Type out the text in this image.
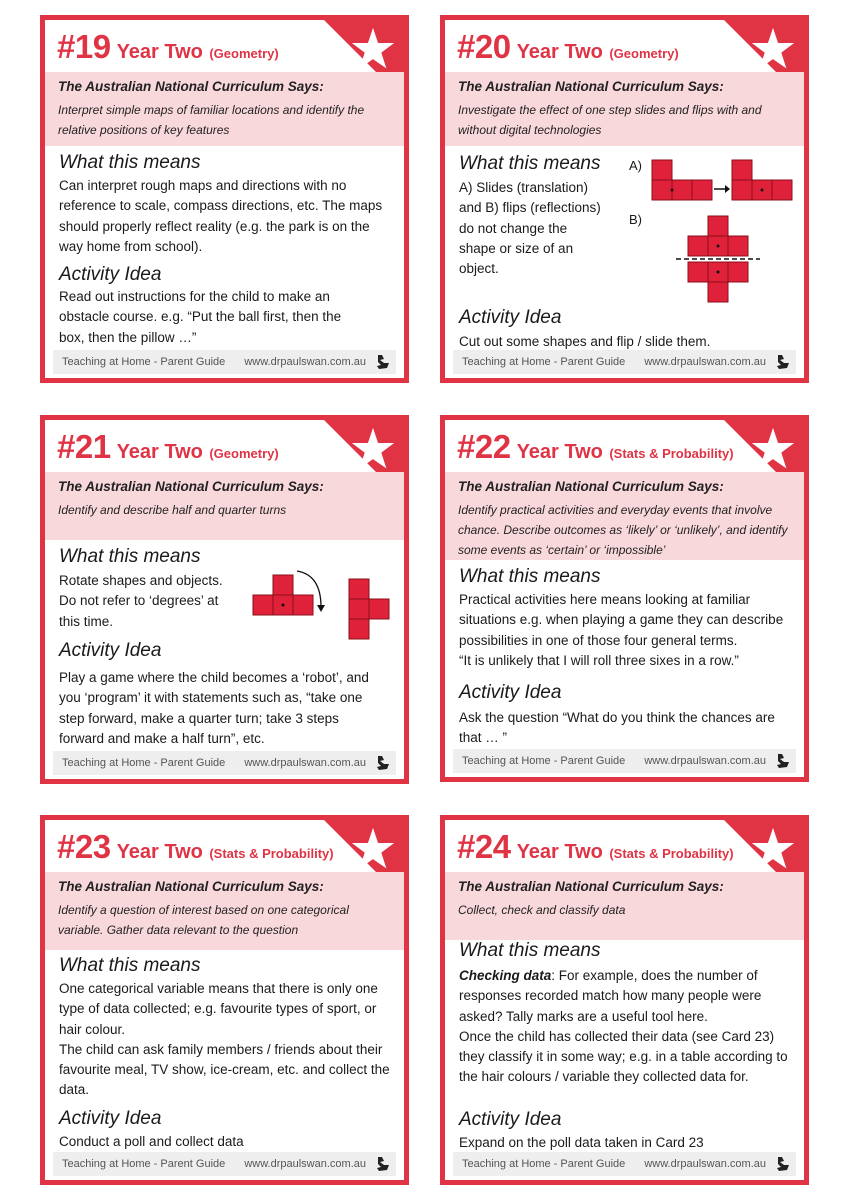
#19 Year Two (Geometry)
The Australian National Curriculum Says:
Interpret simple maps of familiar locations and identify the relative positions of key features
What this means
Can interpret rough maps and directions with no reference to scale, compass directions, etc. The maps should properly reflect reality (e.g. the park is on the way home from school).
Activity Idea
Read out instructions for the child to make an obstacle course. e.g. “Put the ball first, then the box, then the pillow …”
Teaching at Home - Parent Guide www.drpaulswan.com.au
#20 Year Two (Geometry)
The Australian National Curriculum Says:
Investigate the effect of one step slides and flips with and without digital technologies
What this means
A) Slides (translation) and B) flips (reflections) do not change the shape or size of an object.
A)
B)
Activity Idea
Cut out some shapes and flip / slide them.
Teaching at Home - Parent Guide www.drpaulswan.com.au
#21 Year Two (Geometry)
The Australian National Curriculum Says:
Identify and describe half and quarter turns
What this means
Rotate shapes and objects. Do not refer to ‘degrees’ at this time.
Activity Idea
Play a game where the child becomes a ‘robot’, and you ‘program’ it with statements such as, “take one step forward, make a quarter turn; take 3 steps forward and make a half turn”, etc.
Teaching at Home - Parent Guide www.drpaulswan.com.au
#22 Year Two (Stats & Probability)
The Australian National Curriculum Says:
Identify practical activities and everyday events that involve chance. Describe outcomes as ‘likely’ or ‘unlikely’, and identify some events as ‘certain’ or ‘impossible’
What this means

Practical activities here means looking at familiar situations e.g. when playing a game they can describe possibilities in one of those four general terms.

“It is unlikely that I will roll three sixes in a row.”

Activity Idea
Ask the question “What do you think the chances are that … ”
Teaching at Home - Parent Guide www.drpaulswan.com.au
#23 Year Two (Stats & Probability)
The Australian National Curriculum Says:
Identify a question of interest based on one categorical variable. Gather data relevant to the question
What this means

One categorical variable means that there is only one type of data collected; e.g. favourite types of sport, or hair colour.

The child can ask family members / friends about their favourite meal, TV show, ice-cream, etc. and collect the data.

Activity Idea
Conduct a poll and collect data
Teaching at Home - Parent Guide www.drpaulswan.com.au
#24 Year Two (Stats & Probability)
The Australian National Curriculum Says:
Collect, check and classify data
What this means

Checking data: For example, does the number of responses recorded match how many people were asked? Tally marks are a useful tool here.

Once the child has collected their data (see Card 23) they classify it in some way; e.g. in a table according to the hair colours / variable they collected data for.

Activity Idea
Expand on the poll data taken in Card 23
Teaching at Home - Parent Guide www.drpaulswan.com.au
